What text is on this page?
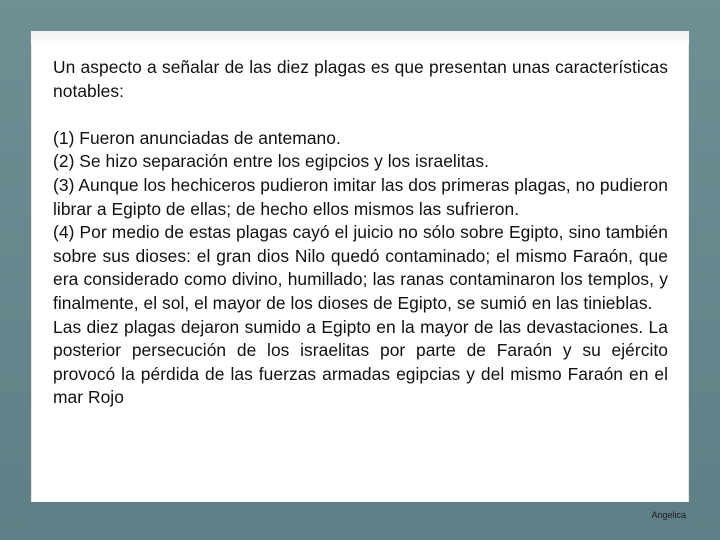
Un aspecto a señalar de las diez plagas es que presentan unas características notables:

(1) Fueron anunciadas de antemano.

(2) Se hizo separación entre los egipcios y los israelitas.

(3) Aunque los hechiceros pudieron imitar las dos primeras plagas, no pudieron librar a Egipto de ellas; de hecho ellos mismos las sufrieron.

(4) Por medio de estas plagas cayó el juicio no sólo sobre Egipto, sino también sobre sus dioses: el gran dios Nilo quedó contaminado; el mismo Faraón, que era considerado como divino, humillado; las ranas contaminaron los templos, y finalmente, el sol, el mayor de los dioses de Egipto, se sumió en las tinieblas.

Las diez plagas dejaron sumido a Egipto en la mayor de las devastaciones. La posterior persecución de los israelitas por parte de Faraón y su ejército provocó la pérdida de las fuerzas armadas egipcias y del mismo Faraón en el mar Rojo

Angelica
